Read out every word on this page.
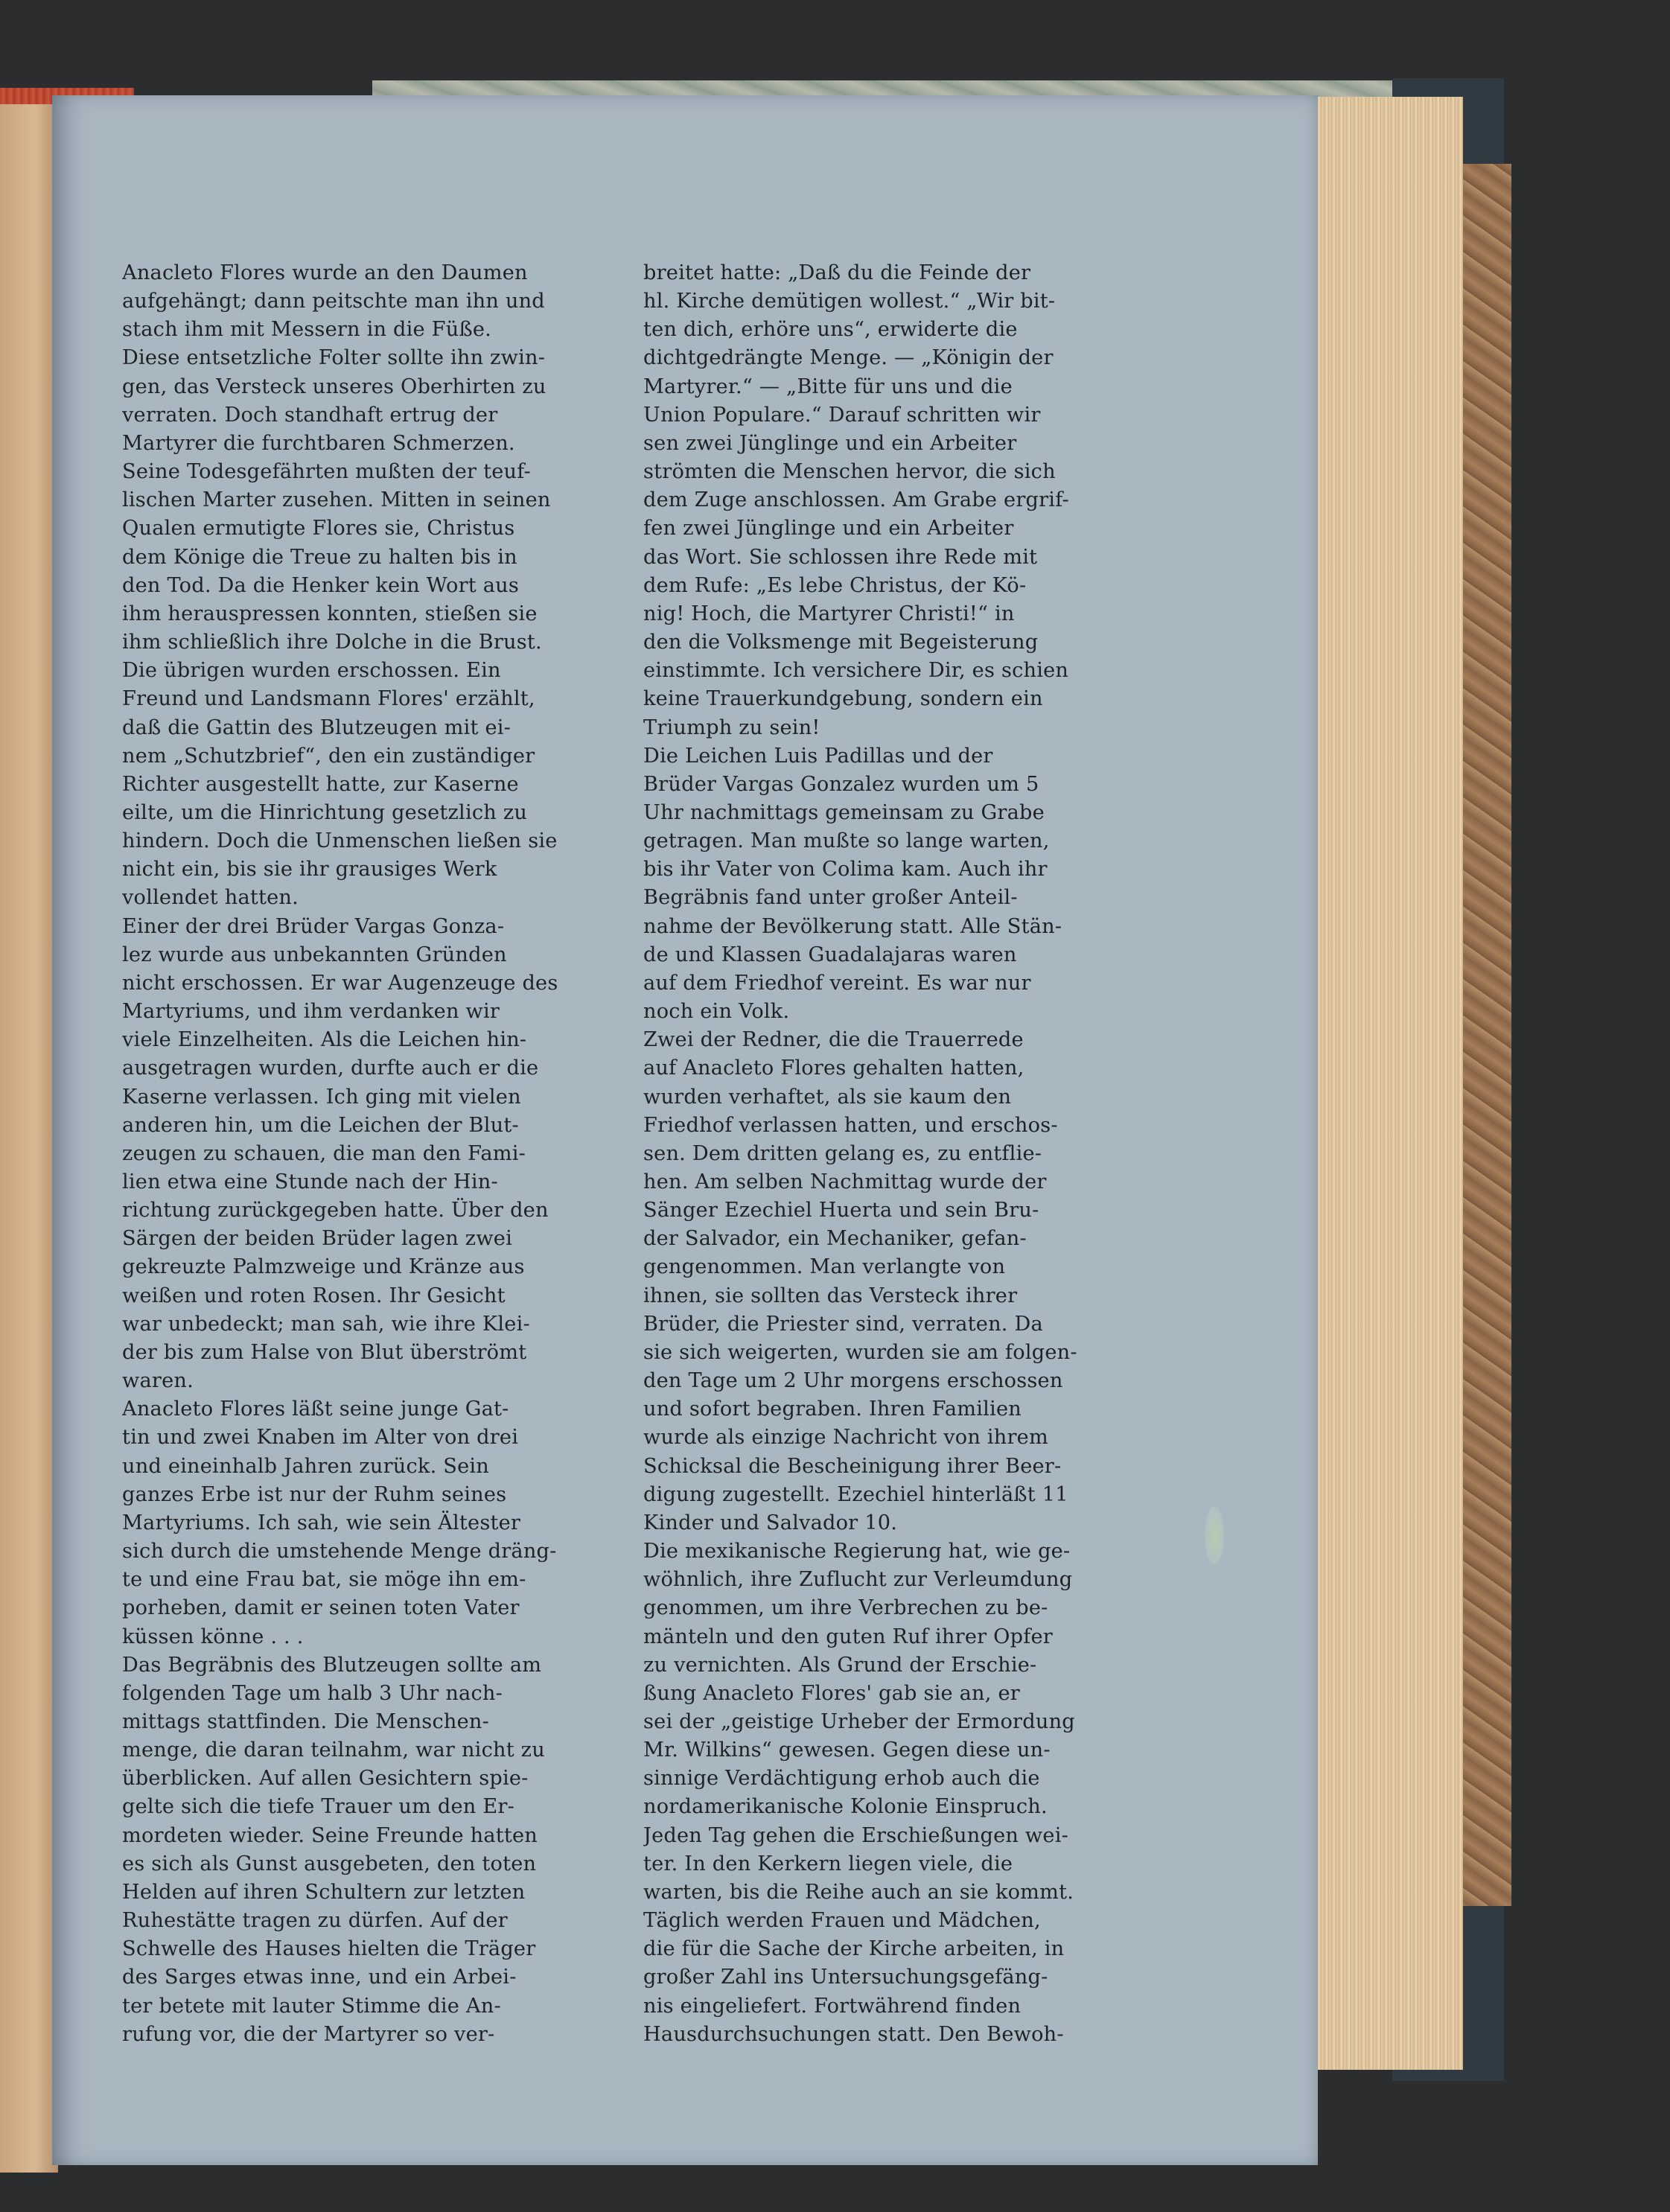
Anacleto Flores wurde an den Daumen
aufgehängt; dann peitschte man ihn und
stach ihm mit Messern in die Füße.
Diese entsetzliche Folter sollte ihn zwin-
gen, das Versteck unseres Oberhirten zu
verraten. Doch standhaft ertrug der
Martyrer die furchtbaren Schmerzen.
Seine Todesgefährten mußten der teuf-
lischen Marter zusehen. Mitten in seinen
Qualen ermutigte Flores sie, Christus
dem Könige die Treue zu halten bis in
den Tod. Da die Henker kein Wort aus
ihm herauspressen konnten, stießen sie
ihm schließlich ihre Dolche in die Brust.
Die übrigen wurden erschossen. Ein
Freund und Landsmann Flores' erzählt,
daß die Gattin des Blutzeugen mit ei-
nem „Schutzbrief“, den ein zuständiger
Richter ausgestellt hatte, zur Kaserne
eilte, um die Hinrichtung gesetzlich zu
hindern. Doch die Unmenschen ließen sie
nicht ein, bis sie ihr grausiges Werk
vollendet hatten.
Einer der drei Brüder Vargas Gonza-
lez wurde aus unbekannten Gründen
nicht erschossen. Er war Augenzeuge des
Martyriums, und ihm verdanken wir
viele Einzelheiten. Als die Leichen hin-
ausgetragen wurden, durfte auch er die
Kaserne verlassen. Ich ging mit vielen
anderen hin, um die Leichen der Blut-
zeugen zu schauen, die man den Fami-
lien etwa eine Stunde nach der Hin-
richtung zurückgegeben hatte. Über den
Särgen der beiden Brüder lagen zwei
gekreuzte Palmzweige und Kränze aus
weißen und roten Rosen. Ihr Gesicht
war unbedeckt; man sah, wie ihre Klei-
der bis zum Halse von Blut überströmt
waren.
Anacleto Flores läßt seine junge Gat-
tin und zwei Knaben im Alter von drei
und eineinhalb Jahren zurück. Sein
ganzes Erbe ist nur der Ruhm seines
Martyriums. Ich sah, wie sein Ältester
sich durch die umstehende Menge dräng-
te und eine Frau bat, sie möge ihn em-
porheben, damit er seinen toten Vater
küssen könne . . .
Das Begräbnis des Blutzeugen sollte am
folgenden Tage um halb 3 Uhr nach-
mittags stattfinden. Die Menschen-
menge, die daran teilnahm, war nicht zu
überblicken. Auf allen Gesichtern spie-
gelte sich die tiefe Trauer um den Er-
mordeten wieder. Seine Freunde hatten
es sich als Gunst ausgebeten, den toten
Helden auf ihren Schultern zur letzten
Ruhestätte tragen zu dürfen. Auf der
Schwelle des Hauses hielten die Träger
des Sarges etwas inne, und ein Arbei-
ter betete mit lauter Stimme die An-
rufung vor, die der Martyrer so ver-
breitet hatte: „Daß du die Feinde der
hl. Kirche demütigen wollest.“ „Wir bit-
ten dich, erhöre uns“, erwiderte die
dichtgedrängte Menge. — „Königin der
Martyrer.“ — „Bitte für uns und die
Union Populare.“ Darauf schritten wir
sen zwei Jünglinge und ein Arbeiter
strömten die Menschen hervor, die sich
dem Zuge anschlossen. Am Grabe ergrif-
fen zwei Jünglinge und ein Arbeiter
das Wort. Sie schlossen ihre Rede mit
dem Rufe: „Es lebe Christus, der Kö-
nig! Hoch, die Martyrer Christi!“ in
den die Volksmenge mit Begeisterung
einstimmte. Ich versichere Dir, es schien
keine Trauerkundgebung, sondern ein
Triumph zu sein!
Die Leichen Luis Padillas und der
Brüder Vargas Gonzalez wurden um 5
Uhr nachmittags gemeinsam zu Grabe
getragen. Man mußte so lange warten,
bis ihr Vater von Colima kam. Auch ihr
Begräbnis fand unter großer Anteil-
nahme der Bevölkerung statt. Alle Stän-
de und Klassen Guadalajaras waren
auf dem Friedhof vereint. Es war nur
noch ein Volk.
Zwei der Redner, die die Trauerrede
auf Anacleto Flores gehalten hatten,
wurden verhaftet, als sie kaum den
Friedhof verlassen hatten, und erschos-
sen. Dem dritten gelang es, zu entflie-
hen. Am selben Nachmittag wurde der
Sänger Ezechiel Huerta und sein Bru-
der Salvador, ein Mechaniker, gefan-
gengenommen. Man verlangte von
ihnen, sie sollten das Versteck ihrer
Brüder, die Priester sind, verraten. Da
sie sich weigerten, wurden sie am folgen-
den Tage um 2 Uhr morgens erschossen
und sofort begraben. Ihren Familien
wurde als einzige Nachricht von ihrem
Schicksal die Bescheinigung ihrer Beer-
digung zugestellt. Ezechiel hinterläßt 11
Kinder und Salvador 10.
Die mexikanische Regierung hat, wie ge-
wöhnlich, ihre Zuflucht zur Verleumdung
genommen, um ihre Verbrechen zu be-
mänteln und den guten Ruf ihrer Opfer
zu vernichten. Als Grund der Erschie-
ßung Anacleto Flores' gab sie an, er
sei der „geistige Urheber der Ermordung
Mr. Wilkins“ gewesen. Gegen diese un-
sinnige Verdächtigung erhob auch die
nordamerikanische Kolonie Einspruch.
Jeden Tag gehen die Erschießungen wei-
ter. In den Kerkern liegen viele, die
warten, bis die Reihe auch an sie kommt.
Täglich werden Frauen und Mädchen,
die für die Sache der Kirche arbeiten, in
großer Zahl ins Untersuchungsgefäng-
nis eingeliefert. Fortwährend finden
Hausdurchsuchungen statt. Den Bewoh-
